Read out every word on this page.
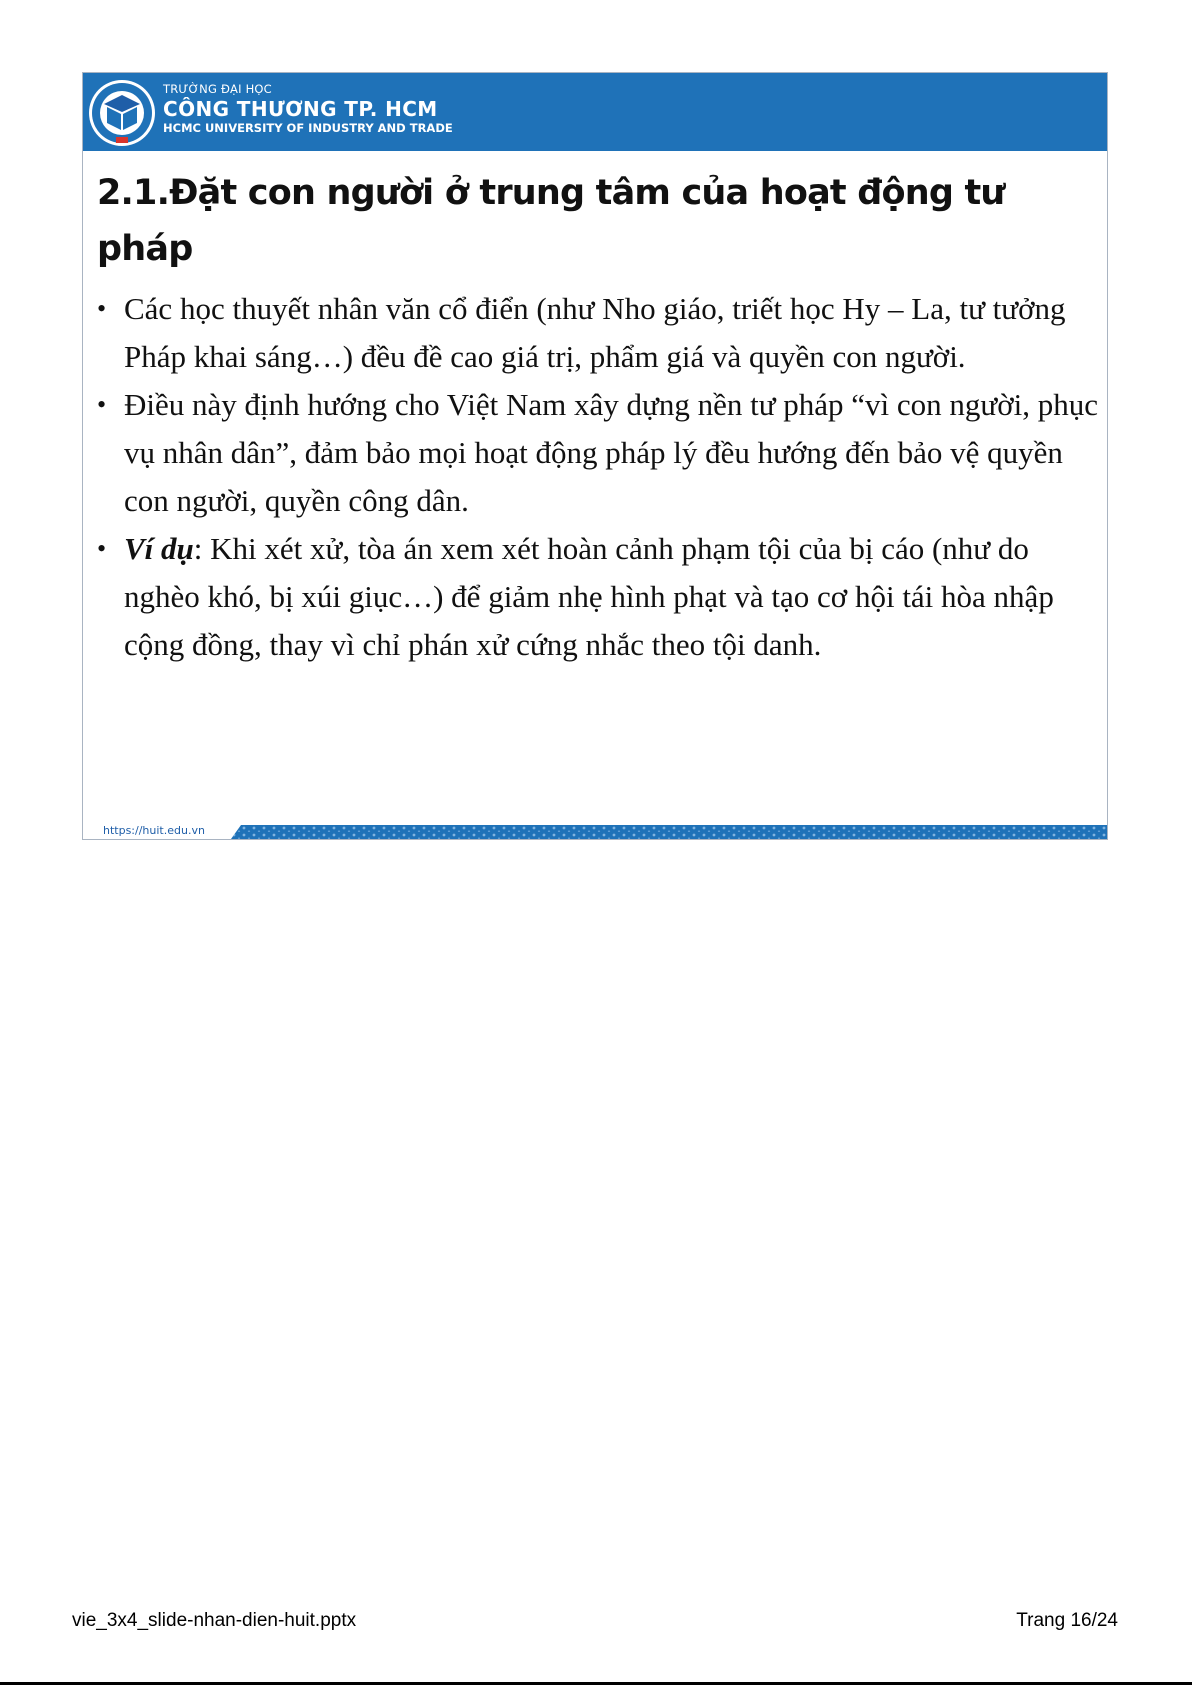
TRƯỜNG ĐẠI HỌC
CÔNG THƯƠNG TP. HCM
HCMC UNIVERSITY OF INDUSTRY AND TRADE
2.1.Đặt con người ở trung tâm của hoạt động tư pháp
• Các học thuyết nhân văn cổ điển (như Nho giáo, triết học Hy – La, tư tưởng Pháp khai sáng…) đều đề cao giá trị, phẩm giá và quyền con người.
• Điều này định hướng cho Việt Nam xây dựng nền tư pháp “vì con người, phục vụ nhân dân”, đảm bảo mọi hoạt động pháp lý đều hướng đến bảo vệ quyền con người, quyền công dân.
• Ví dụ: Khi xét xử, tòa án xem xét hoàn cảnh phạm tội của bị cáo (như do nghèo khó, bị xúi giục…) để giảm nhẹ hình phạt và tạo cơ hội tái hòa nhập cộng đồng, thay vì chỉ phán xử cứng nhắc theo tội danh.
https://huit.edu.vn
vie_3x4_slide-nhan-dien-huit.pptx	Trang 16/24
